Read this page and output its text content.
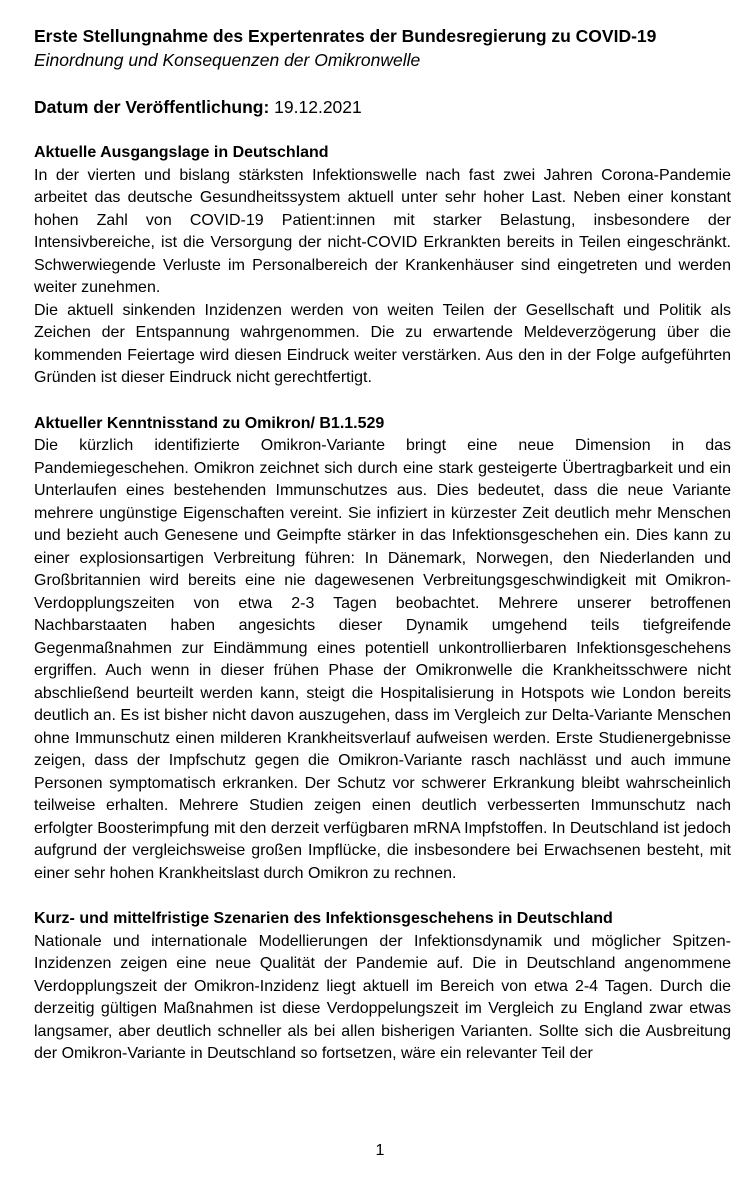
Erste Stellungnahme des Expertenrates der Bundesregierung zu COVID-19

Einordnung und Konsequenzen der Omikronwelle

Datum der Veröffentlichung: 19.12.2021

Aktuelle Ausgangslage in Deutschland

In der vierten und bislang stärksten Infektionswelle nach fast zwei Jahren Corona-Pandemie arbeitet das deutsche Gesundheitssystem aktuell unter sehr hoher Last. Neben einer konstant hohen Zahl von COVID-19 Patient:innen mit starker Belastung, insbesondere der Intensivbereiche, ist die Versorgung der nicht-COVID Erkrankten bereits in Teilen eingeschränkt. Schwerwiegende Verluste im Personalbereich der Krankenhäuser sind eingetreten und werden weiter zunehmen.

Die aktuell sinkenden Inzidenzen werden von weiten Teilen der Gesellschaft und Politik als Zeichen der Entspannung wahrgenommen. Die zu erwartende Meldeverzögerung über die kommenden Feiertage wird diesen Eindruck weiter verstärken. Aus den in der Folge aufgeführten Gründen ist dieser Eindruck nicht gerechtfertigt.

Aktueller Kenntnisstand zu Omikron/ B1.1.529

Die kürzlich identifizierte Omikron-Variante bringt eine neue Dimension in das Pandemiegeschehen. Omikron zeichnet sich durch eine stark gesteigerte Übertragbarkeit und ein Unterlaufen eines bestehenden Immunschutzes aus. Dies bedeutet, dass die neue Variante mehrere ungünstige Eigenschaften vereint. Sie infiziert in kürzester Zeit deutlich mehr Menschen und bezieht auch Genesene und Geimpfte stärker in das Infektionsgeschehen ein. Dies kann zu einer explosionsartigen Verbreitung führen: In Dänemark, Norwegen, den Niederlanden und Großbritannien wird bereits eine nie dagewesenen Verbreitungsgeschwindigkeit mit Omikron-Verdopplungszeiten von etwa 2-3 Tagen beobachtet. Mehrere unserer betroffenen Nachbarstaaten haben angesichts dieser Dynamik umgehend teils tiefgreifende Gegenmaßnahmen zur Eindämmung eines potentiell unkontrollierbaren Infektionsgeschehens ergriffen. Auch wenn in dieser frühen Phase der Omikronwelle die Krankheitsschwere nicht abschließend beurteilt werden kann, steigt die Hospitalisierung in Hotspots wie London bereits deutlich an. Es ist bisher nicht davon auszugehen, dass im Vergleich zur Delta-Variante Menschen ohne Immunschutz einen milderen Krankheitsverlauf aufweisen werden. Erste Studienergebnisse zeigen, dass der Impfschutz gegen die Omikron-Variante rasch nachlässt und auch immune Personen symptomatisch erkranken. Der Schutz vor schwerer Erkrankung bleibt wahrscheinlich teilweise erhalten. Mehrere Studien zeigen einen deutlich verbesserten Immunschutz nach erfolgter Boosterimpfung mit den derzeit verfügbaren mRNA Impfstoffen. In Deutschland ist jedoch aufgrund der vergleichsweise großen Impflücke, die insbesondere bei Erwachsenen besteht, mit einer sehr hohen Krankheitslast durch Omikron zu rechnen.

Kurz- und mittelfristige Szenarien des Infektionsgeschehens in Deutschland

Nationale und internationale Modellierungen der Infektionsdynamik und möglicher Spitzen-Inzidenzen zeigen eine neue Qualität der Pandemie auf. Die in Deutschland angenommene Verdopplungszeit der Omikron-Inzidenz liegt aktuell im Bereich von etwa 2-4 Tagen. Durch die derzeitig gültigen Maßnahmen ist diese Verdoppelungszeit im Vergleich zu England zwar etwas langsamer, aber deutlich schneller als bei allen bisherigen Varianten. Sollte sich die Ausbreitung der Omikron-Variante in Deutschland so fortsetzen, wäre ein relevanter Teil der

1
